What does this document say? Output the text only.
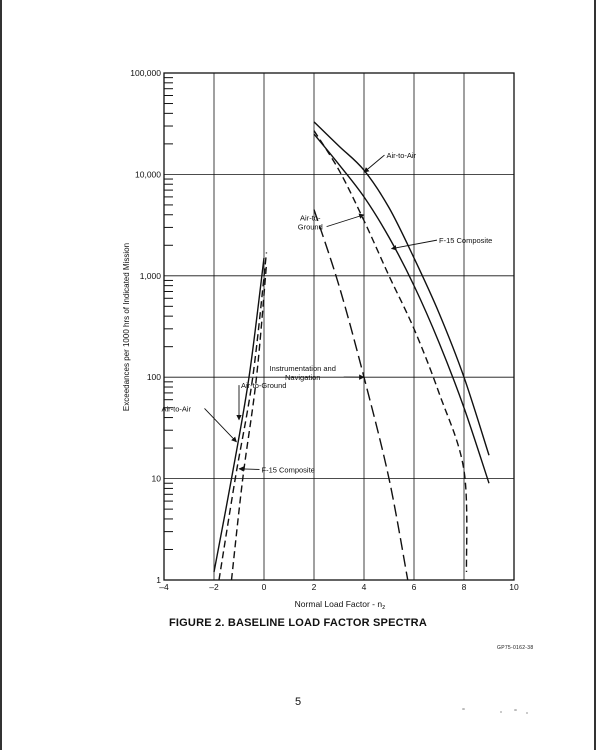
Air-to-Air
Air-to-Ground
F-15 Composite
Instrumentation and Navigation
Air-to-Ground
Air-to-Air
F-15 Composite
–4	–2	0	2	4	6	8	10
1
10
100
1,000
10,000
100,000
Normal Load Factor - $n_z$
Exceedances per 1000 hrs of Indicated Mission
FIGURE 2. BASELINE LOAD FACTOR SPECTRA
GP75-0162-38
5
